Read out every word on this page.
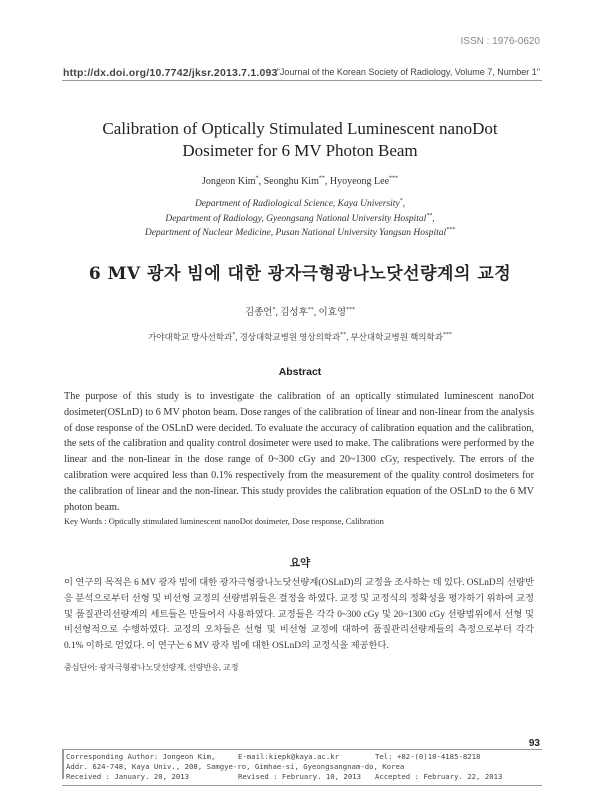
ISSN : 1976-0620
http://dx.doi.org/10.7742/jksr.2013.7.1.093 "Journal of the Korean Society of Radiology, Volume 7, Number 1"
Calibration of Optically Stimulated Luminescent nanoDot
Dosimeter for 6 MV Photon Beam
Jongeon Kim*, Seonghu Kim**, Hyoyeong Lee***
Department of Radiological Science, Kaya University*,
Department of Radiology, Gyeongsang National University Hospital**,
Department of Nuclear Medicine, Pusan National University Yangsan Hospital***
6 MV 광자 빔에 대한 광자극형광나노닷선량계의 교정
김종언*, 김성후**, 이효영***
가야대학교 방사선학과*, 경상대학교병원 영상의학과**, 부산대학교병원 핵의학과***
Abstract
The purpose of this study is to investigate the calibration of an optically stimulated luminescent nanoDot dosimeter(OSLnD) to 6 MV photon beam. Dose ranges of the calibration of linear and non-linear from the analysis of dose response of the OSLnD were decided. To evaluate the accuracy of calibration equation and the calibration, the sets of the calibration and quality control dosimeter were used to make. The calibrations were performed by the linear and the non-linear in the dose range of 0~300 cGy and 20~1300 cGy, respectively. The errors of the calibration were acquired less than 0.1% respectively from the measurement of the quality control dosimeters for the calibration of linear and the non-linear. This study provides the calibration equation of the OSLnD to the 6 MV photon beam.
Key Words : Optically stimulated luminescent nanoDot dosimeter, Dose response, Calibration
요약
이 연구의 목적은 6 MV 광자 빔에 대한 광자극형광나노닷선량계(OSLnD)의 교정을 조사하는 데 있다. OSLnD의 선량반응 분석으로부터 선형 및 비선형 교정의 선량범위들은 결정을 하였다. 교정 및 교정식의 정확성을 평가하기 위하여 교정 및 품질관리선량계의 세트들은 만들어서 사용하였다. 교정들은 각각 0~300 cGy 및 20~1300 cGy 선량범위에서 선형 및 비선형적으로 수행하였다. 교정의 오차들은 선형 및 비선형 교정에 대하여 품질관리선량계들의 측정으로부터 각각 0.1% 이하로 얻었다. 이 연구는 6 MV 광자 빔에 대한 OSLnD의 교정식을 제공한다.
중심단어: 광자극형광나노닷선량계, 선량반응, 교정
93
Corresponding Author: Jongeon Kim,	E-mail:kiepk@kaya.ac.kr	Tel: +82-(0)10-4185-8218
Addr. 624-748, Kaya Univ., 208, Samgye-ro, Gimhae-si, Gyeongsangnam-do, Korea
Received : January. 20, 2013	Revised : February. 10, 2013	Accepted : February. 22, 2013
